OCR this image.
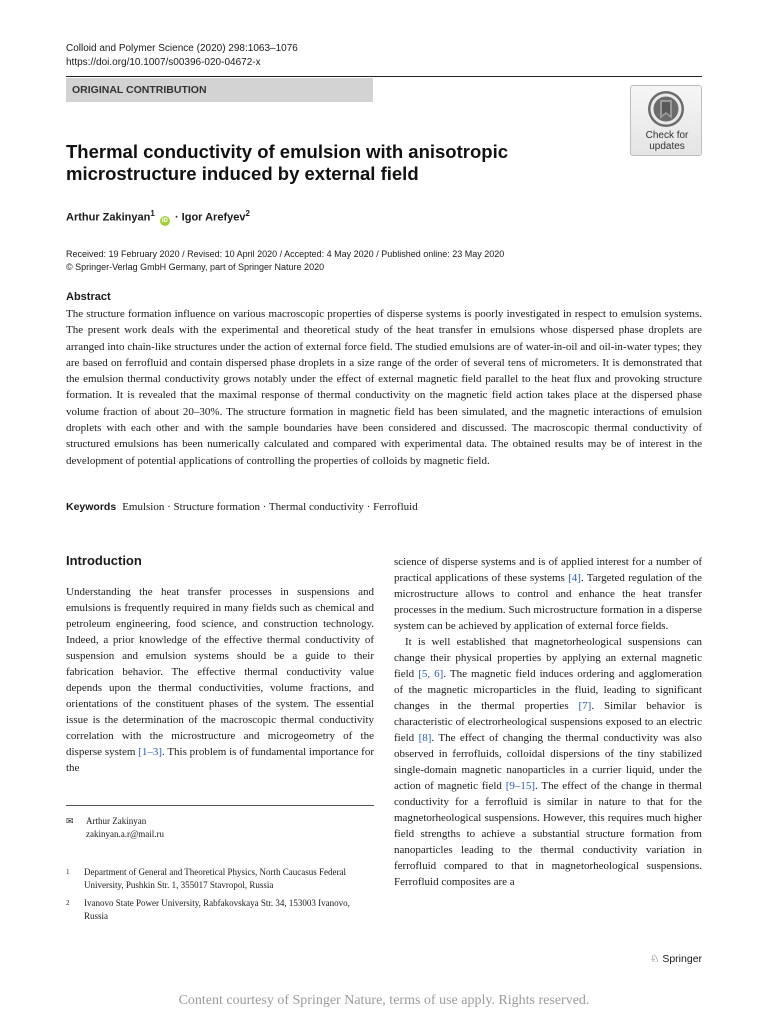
Colloid and Polymer Science (2020) 298:1063–1076
https://doi.org/10.1007/s00396-020-04672-x
ORIGINAL CONTRIBUTION
Check for
updates
Thermal conductivity of emulsion with anisotropic microstructure induced by external field
Arthur Zakinyan$^1$ iD · Igor Arefyev$^2$
Received: 19 February 2020 / Revised: 10 April 2020 / Accepted: 4 May 2020 / Published online: 23 May 2020
© Springer-Verlag GmbH Germany, part of Springer Nature 2020
Abstract
The structure formation influence on various macroscopic properties of disperse systems is poorly investigated in respect to emulsion systems. The present work deals with the experimental and theoretical study of the heat transfer in emulsions whose dispersed phase droplets are arranged into chain-like structures under the action of external force field. The studied emulsions are of water-in-oil and oil-in-water types; they are based on ferrofluid and contain dispersed phase droplets in a size range of the order of several tens of micrometers. It is demonstrated that the emulsion thermal conductivity grows notably under the effect of external magnetic field parallel to the heat flux and provoking structure formation. It is revealed that the maximal response of thermal conductivity on the magnetic field action takes place at the dispersed phase volume fraction of about 20–30%. The structure formation in magnetic field has been simulated, and the magnetic interactions of emulsion droplets with each other and with the sample boundaries have been considered and discussed. The macroscopic thermal conductivity of structured emulsions has been numerically calculated and compared with experimental data. The obtained results may be of interest in the development of potential applications of controlling the properties of colloids by magnetic field.
Keywords Emulsion · Structure formation · Thermal conductivity · Ferrofluid
Introduction
Understanding the heat transfer processes in suspensions and emulsions is frequently required in many fields such as chemical and petroleum engineering, food science, and construction technology. Indeed, a prior knowledge of the effective thermal conductivity of suspension and emulsion systems should be a guide to their fabrication behavior. The effective thermal conductivity value depends upon the thermal conductivities, volume fractions, and orientations of the constituent phases of the system. The essential issue is the determination of the macroscopic thermal conductivity correlation with the microstructure and microgeometry of the disperse system [1–3]. This problem is of fundamental importance for the

science of disperse systems and is of applied interest for a number of practical applications of these systems [4]. Targeted regulation of the microstructure allows to control and enhance the heat transfer processes in the medium. Such microstructure formation in a disperse system can be achieved by application of external force fields.

It is well established that magnetorheological suspensions can change their physical properties by applying an external magnetic field [5, 6]. The magnetic field induces ordering and agglomeration of the magnetic microparticles in the fluid, leading to significant changes in the thermal properties [7]. Similar behavior is characteristic of electrorheological suspensions exposed to an electric field [8]. The effect of changing the thermal conductivity was also observed in ferrofluids, colloidal dispersions of the tiny stabilized single-domain magnetic nanoparticles in a currier liquid, under the action of magnetic field [9–15]. The effect of the change in thermal conductivity for a ferrofluid is similar in nature to that for the magnetorheological suspensions. However, this requires much higher field strengths to achieve a substantial structure formation from nanoparticles leading to the thermal conductivity variation in ferrofluid compared to that in magnetorheological suspensions. Ferrofluid composites are a

✉ Arthur Zakinyan
zakinyan.a.r@mail.ru
1 Department of General and Theoretical Physics, North Caucasus Federal University, Pushkin Str. 1, 355017 Stavropol, Russia
2 Ivanovo State Power University, Rabfakovskaya Str. 34, 153003 Ivanovo, Russia
♘ Springer
Content courtesy of Springer Nature, terms of use apply. Rights reserved.
